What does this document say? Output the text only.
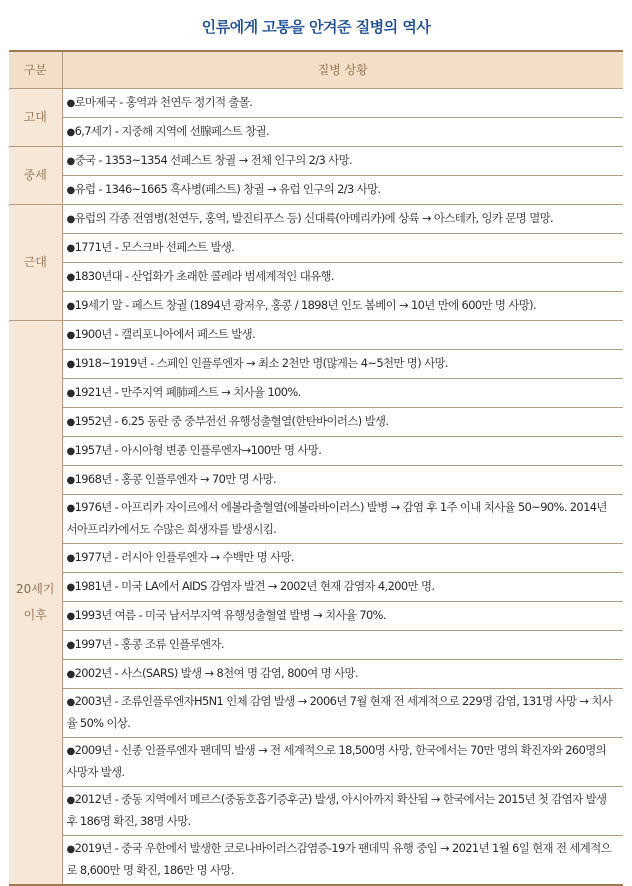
인류에게 고통을 안겨준 질병의 역사
구분	질병 상황
고대	●로마제국 - 홍역과 천연두 정기적 출몰.
	●6,7세기 - 지중해 지역에 선腺페스트 창궐.
중세	●중국 - 1353~1354 선페스트 창궐 → 전체 인구의 2/3 사망.
	●유럽 - 1346~1665 흑사병(페스트) 창궐 → 유럽 인구의 2/3 사망.
근대	●유럽의 각종 전염병(천연두, 홍역, 발진티푸스 등) 신대륙(아메리카)에 상륙 → 아스테카, 잉카 문명 멸망.
	●1771년 - 모스크바 선페스트 발생.
	●1830년대 - 산업화가 초래한 콜레라 범세계적인 대유행.
	●19세기 말 - 페스트 창궐 (1894년 광저우, 홍콩 / 1898년 인도 봄베이 → 10년 만에 600만 명 사망).
20세기 이후	●1900년 - 캘리포니아에서 페스트 발생.
	●1918~1919년 - 스페인 인플루엔자 → 최소 2천만 명(많게는 4~5천만 명) 사망.
	●1921년 - 만주지역 폐肺페스트 → 치사율 100%.
	●1952년 - 6.25 동란 중 중부전선 유행성출혈열(한탄바이러스) 발생.
	●1957년 - 아시아형 변종 인플루엔자→100만 명 사망.
	●1968년 - 홍콩 인플루엔자 → 70만 명 사망.
	●1976년 - 아프리카 자이르에서 에볼라출혈열(에볼라바이러스) 발병 → 감염 후 1주 이내 치사율 50~90%. 2014년 서아프리카에서도 수많은 희생자를 발생시킴.
	●1977년 - 러시아 인플루엔자 → 수백만 명 사망.
	●1981년 - 미국 LA에서 AIDS 감염자 발견 → 2002년 현재 감염자 4,200만 명.
	●1993년 여름 - 미국 남서부지역 유행성출혈열 발병 → 치사율 70%.
	●1997년 - 홍콩 조류 인플루엔자.
	●2002년 - 사스(SARS) 발생 → 8천여 명 감염, 800여 명 사망.
	●2003년 - 조류인플루엔자H5N1 인체 감염 발생 → 2006년 7월 현재 전 세계적으로 229명 감염, 131명 사망 → 치사율 50% 이상.
	●2009년 - 신종 인플루엔자 팬데믹 발생 → 전 세계적으로 18,500명 사망, 한국에서는 70만 명의 확진자와 260명의 사망자 발생.
	●2012년 - 중동 지역에서 메르스(중동호흡기증후군) 발생, 아시아까지 확산됨 → 한국에서는 2015년 첫 감염자 발생 후 186명 확진, 38명 사망.
	●2019년 - 중국 우한에서 발생한 코로나바이러스감염증-19가 팬데믹 유행 중임 → 2021년 1월 6일 현재 전 세계적으로 8,600만 명 확진, 186만 명 사망.
